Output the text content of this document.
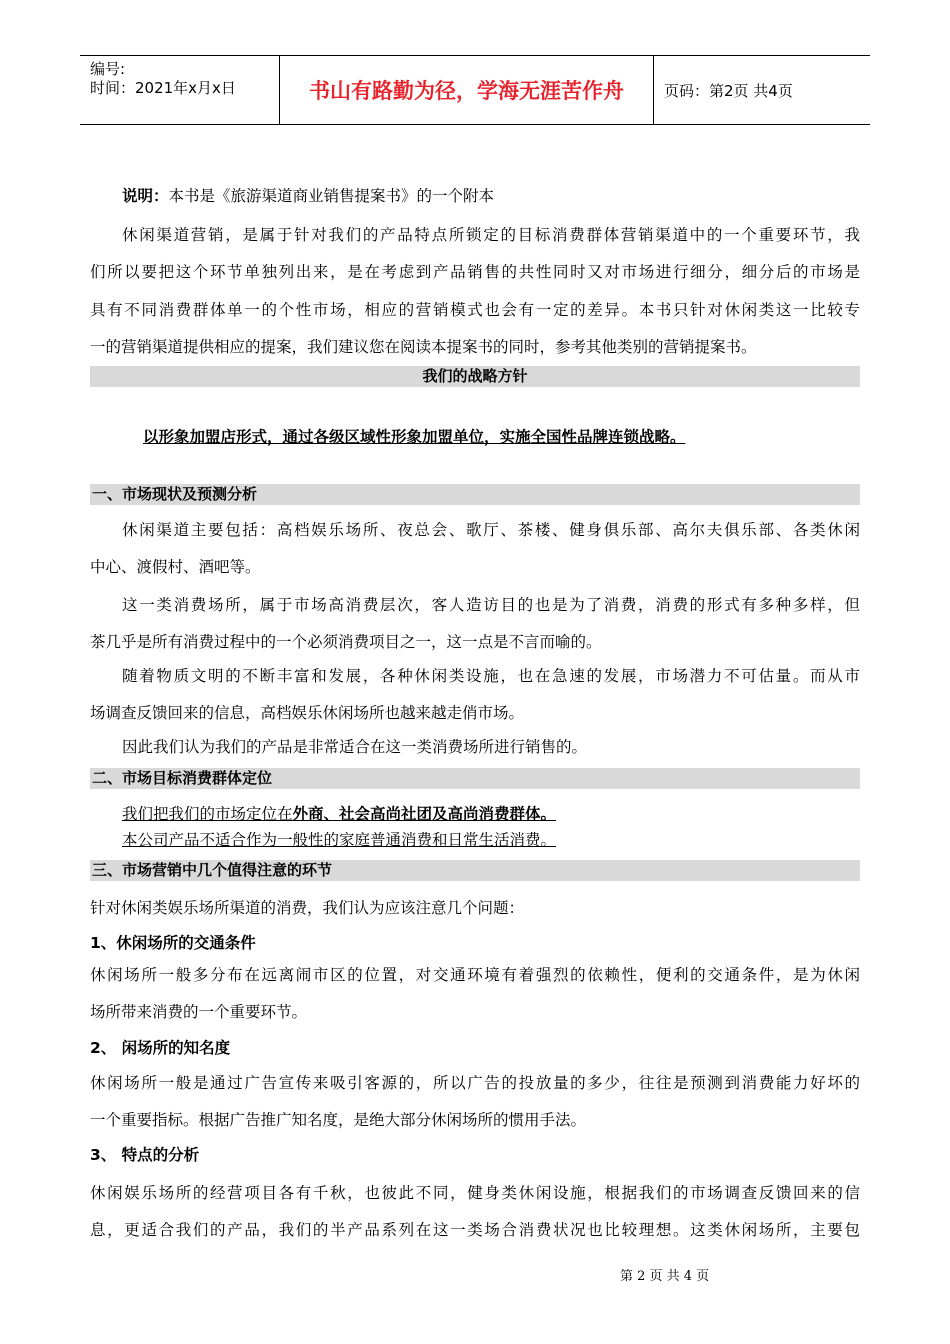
编号:
时间：2021年x月x日	书山有路勤为径，学海无涯苦作舟	页码：第2页 共4页
说明：本书是《旅游渠道商业销售提案书》的一个附本
休闲渠道营销，是属于针对我们的产品特点所锁定的目标消费群体营销渠道中的一个重要环节，我
们所以要把这个环节单独列出来，是在考虑到产品销售的共性同时又对市场进行细分，细分后的市场是
具有不同消费群体单一的个性市场，相应的营销模式也会有一定的差异。本书只针对休闲类这一比较专
一的营销渠道提供相应的提案，我们建议您在阅读本提案书的同时，参考其他类别的营销提案书。
我们的战略方针
以形象加盟店形式，通过各级区域性形象加盟单位，实施全国性品牌连锁战略。
一、市场现状及预测分析
休闲渠道主要包括：高档娱乐场所、夜总会、歌厅、茶楼、健身俱乐部、高尔夫俱乐部、各类休闲
中心、渡假村、酒吧等。
这一类消费场所，属于市场高消费层次，客人造访目的也是为了消费，消费的形式有多种多样，但
茶几乎是所有消费过程中的一个必须消费项目之一，这一点是不言而喻的。
随着物质文明的不断丰富和发展，各种休闲类设施，也在急速的发展，市场潜力不可估量。而从市
场调查反馈回来的信息，高档娱乐休闲场所也越来越走俏市场。
因此我们认为我们的产品是非常适合在这一类消费场所进行销售的。
二、市场目标消费群体定位
我们把我们的市场定位在外商、社会高尚社团及高尚消费群体。
本公司产品不适合作为一般性的家庭普通消费和日常生活消费。
三、市场营销中几个值得注意的环节
针对休闲类娱乐场所渠道的消费，我们认为应该注意几个问题：
1、休闲场所的交通条件
休闲场所一般多分布在远离闹市区的位置，对交通环境有着强烈的依赖性，便利的交通条件，是为休闲
场所带来消费的一个重要环节。
2、 闲场所的知名度
休闲场所一般是通过广告宣传来吸引客源的，所以广告的投放量的多少，往往是预测到消费能力好坏的
一个重要指标。根据广告推广知名度，是绝大部分休闲场所的惯用手法。
3、 特点的分析
休闲娱乐场所的经营项目各有千秋，也彼此不同，健身类休闲设施，根据我们的市场调查反馈回来的信
息，更适合我们的产品，我们的半产品系列在这一类场合消费状况也比较理想。这类休闲场所，主要包
第 2 页 共 4 页
